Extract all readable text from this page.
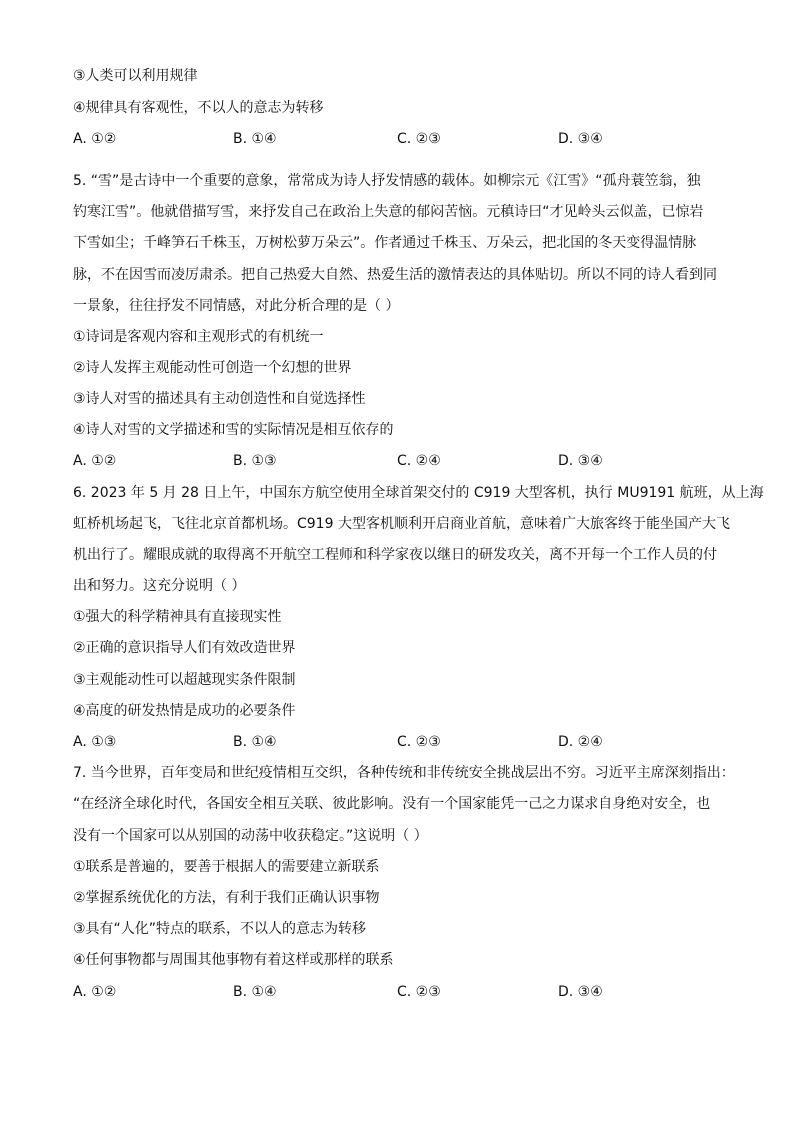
③人类可以利用规律
④规律具有客观性，不以人的意志为转移
A. ①②	B. ①④	C. ②③	D. ③④
5. “雪”是古诗中一个重要的意象，常常成为诗人抒发情感的载体。如柳宗元《江雪》“孤舟蓑笠翁，独
钓寒江雪”。他就借描写雪，来抒发自己在政治上失意的郁闷苦恼。元稹诗曰“才见岭头云似盖，已惊岩
下雪如尘；千峰笋石千株玉，万树松萝万朵云”。作者通过千株玉、万朵云，把北国的冬天变得温情脉
脉，不在因雪而凌厉肃杀。把自己热爱大自然、热爱生活的激情表达的具体贴切。所以不同的诗人看到同
一景象，往往抒发不同情感，对此分析合理的是（ ）
①诗词是客观内容和主观形式的有机统一
②诗人发挥主观能动性可创造一个幻想的世界
③诗人对雪的描述具有主动创造性和自觉选择性
④诗人对雪的文学描述和雪的实际情况是相互依存的
A. ①②	B. ①③	C. ②④	D. ③④
6. 2023 年 5 月 28 日上午，中国东方航空使用全球首架交付的 C919 大型客机，执行 MU9191 航班，从上海
虹桥机场起飞，飞往北京首都机场。C919 大型客机顺利开启商业首航，意味着广大旅客终于能坐国产大飞
机出行了。耀眼成就的取得离不开航空工程师和科学家夜以继日的研发攻关，离不开每一个工作人员的付
出和努力。这充分说明（ ）
①强大的科学精神具有直接现实性
②正确的意识指导人们有效改造世界
③主观能动性可以超越现实条件限制
④高度的研发热情是成功的必要条件
A. ①③	B. ①④	C. ②③	D. ②④
7. 当今世界，百年变局和世纪疫情相互交织，各种传统和非传统安全挑战层出不穷。习近平主席深刻指出：
“在经济全球化时代，各国安全相互关联、彼此影响。没有一个国家能凭一己之力谋求自身绝对安全，也
没有一个国家可以从别国的动荡中收获稳定。”这说明（ ）
①联系是普遍的，要善于根据人的需要建立新联系
②掌握系统优化的方法，有利于我们正确认识事物
③具有“人化”特点的联系，不以人的意志为转移
④任何事物都与周围其他事物有着这样或那样的联系
A. ①②	B. ①④	C. ②③	D. ③④
